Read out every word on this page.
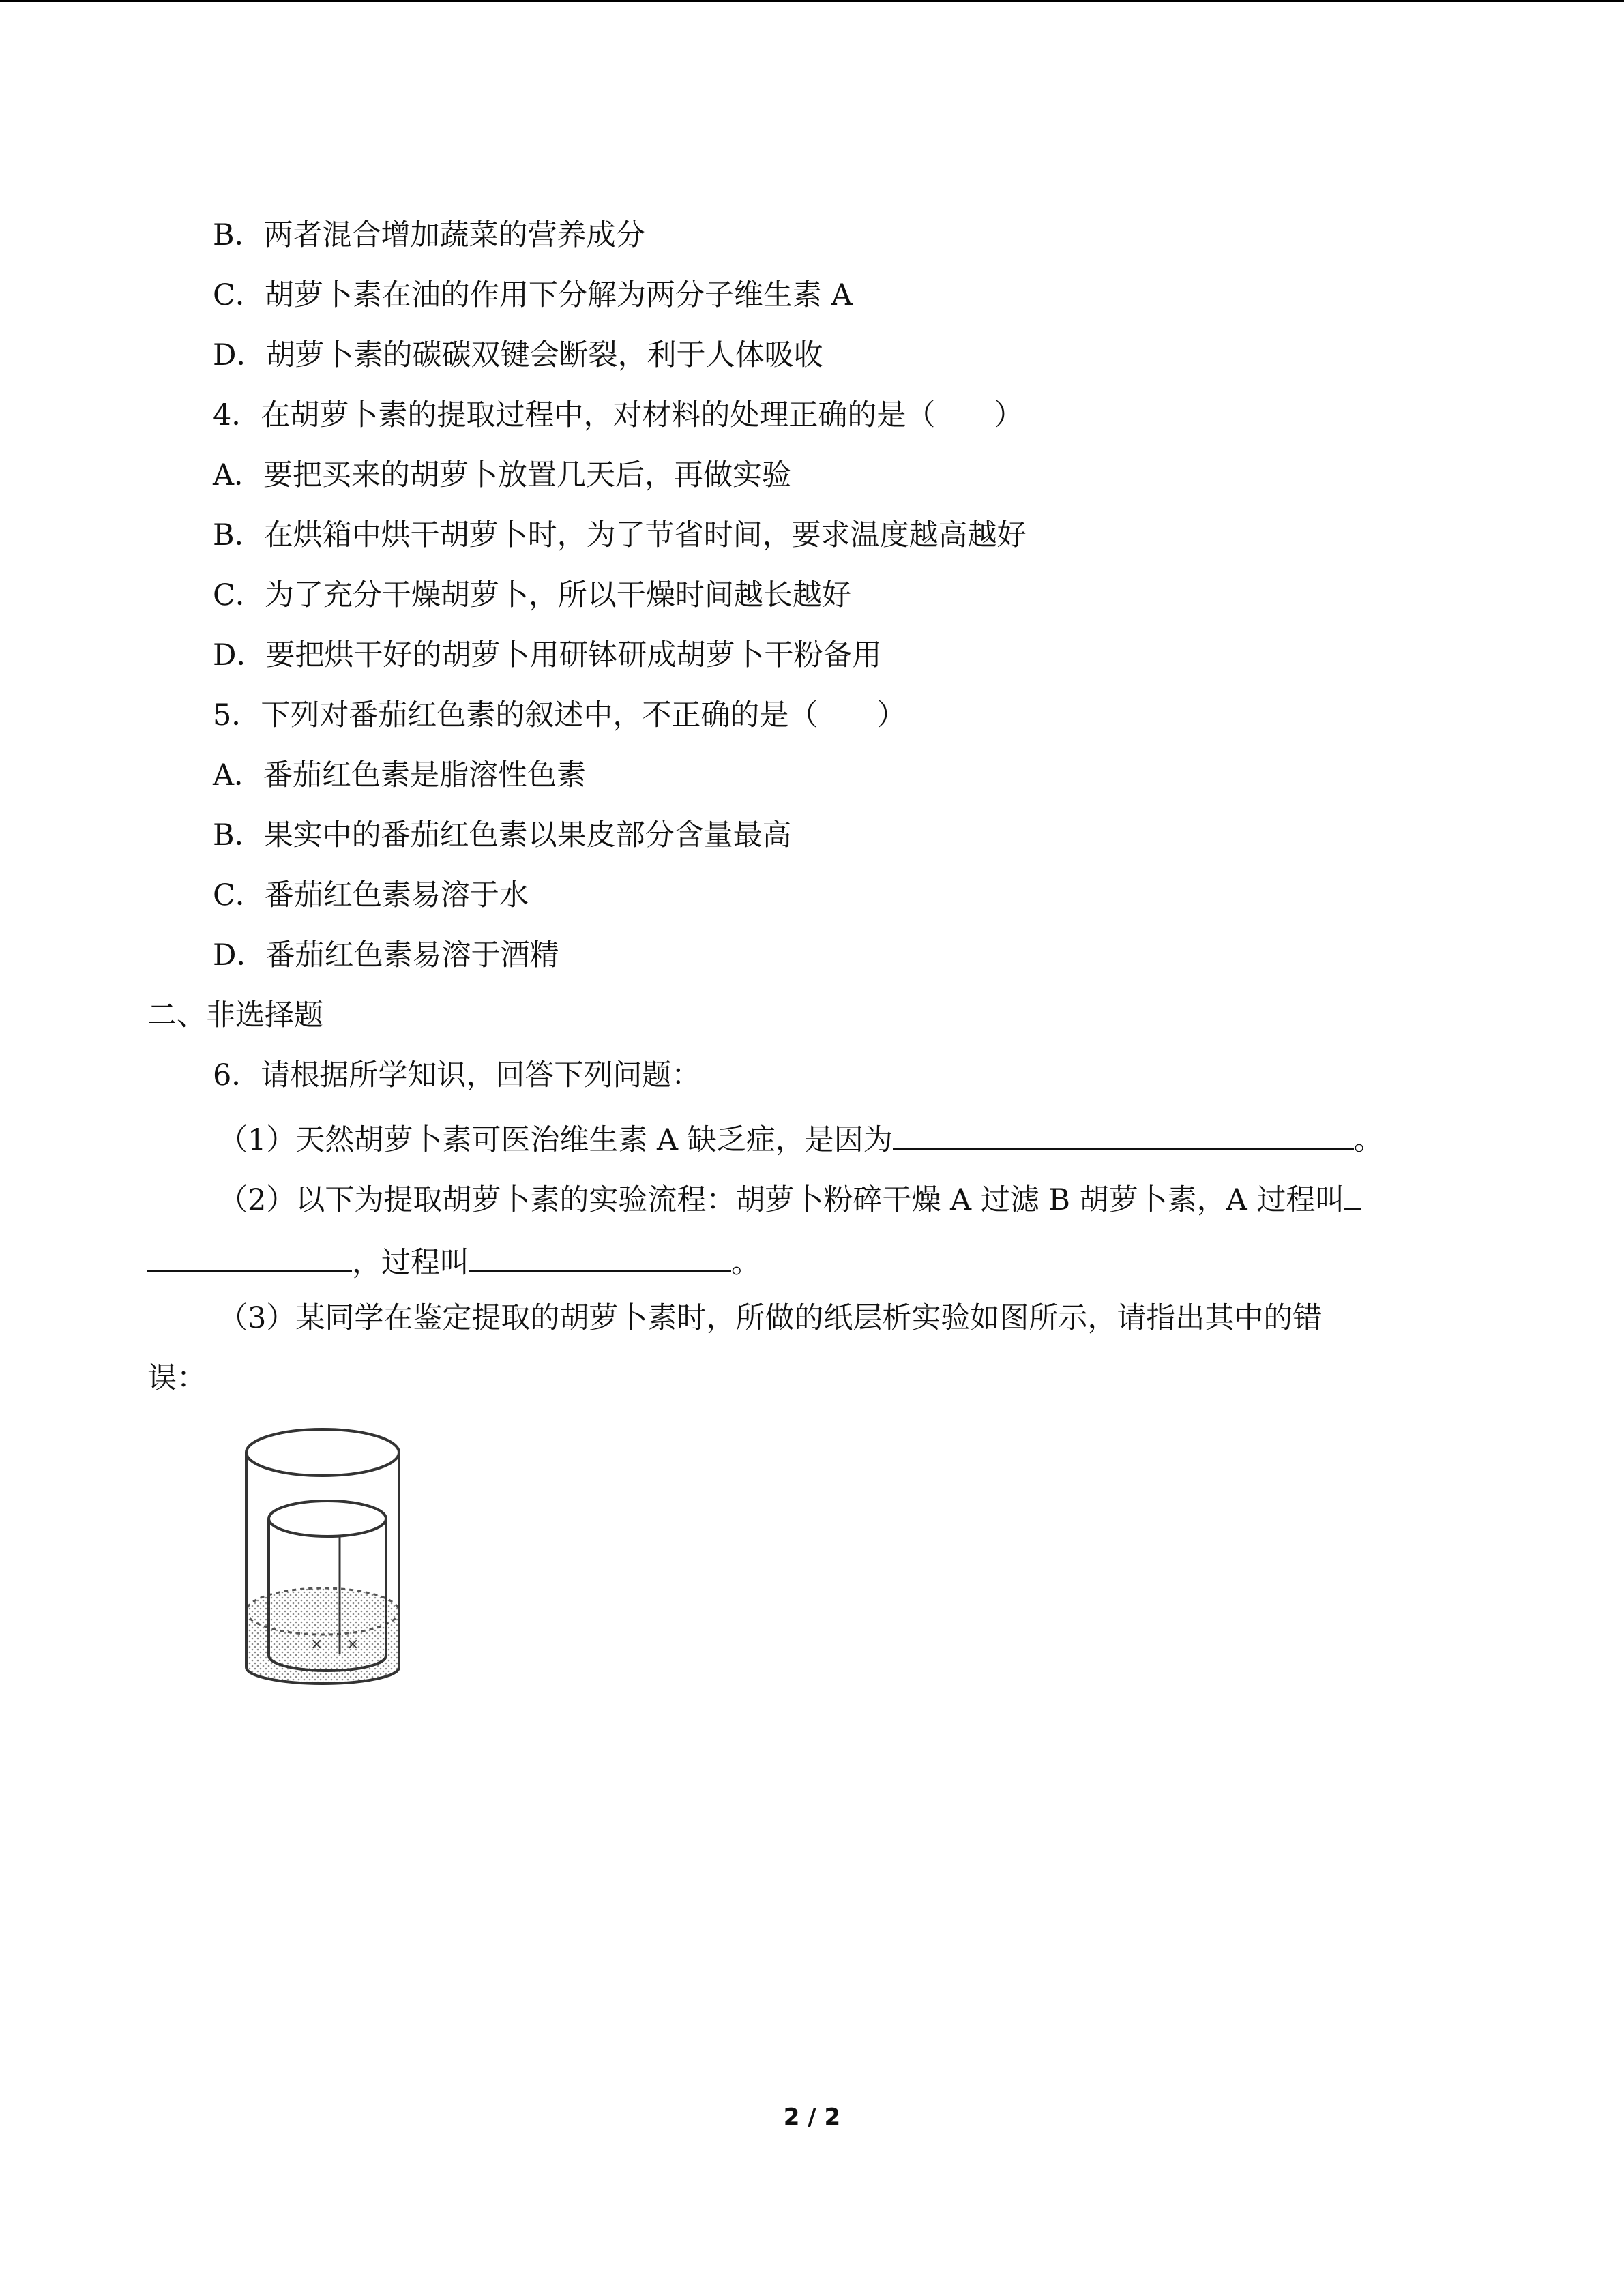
B．两者混合增加蔬菜的营养成分
C．胡萝卜素在油的作用下分解为两分子维生素 A
D．胡萝卜素的碳碳双键会断裂，利于人体吸收
4．在胡萝卜素的提取过程中，对材料的处理正确的是（　　）
A．要把买来的胡萝卜放置几天后，再做实验
B．在烘箱中烘干胡萝卜时，为了节省时间，要求温度越高越好
C．为了充分干燥胡萝卜，所以干燥时间越长越好
D．要把烘干好的胡萝卜用研钵研成胡萝卜干粉备用
5．下列对番茄红色素的叙述中，不正确的是（　　）
A．番茄红色素是脂溶性色素
B．果实中的番茄红色素以果皮部分含量最高
C．番茄红色素易溶于水
D．番茄红色素易溶于酒精
二、非选择题
6．请根据所学知识，回答下列问题：
（1）天然胡萝卜素可医治维生素 A 缺乏症，是因为	。
（2）以下为提取胡萝卜素的实验流程：胡萝卜粉碎干燥 A 过滤 B 胡萝卜素，A 过程叫
，过程叫	。
（3）某同学在鉴定提取的胡萝卜素时，所做的纸层析实验如图所示，请指出其中的错
误：
× ×
2 / 2
